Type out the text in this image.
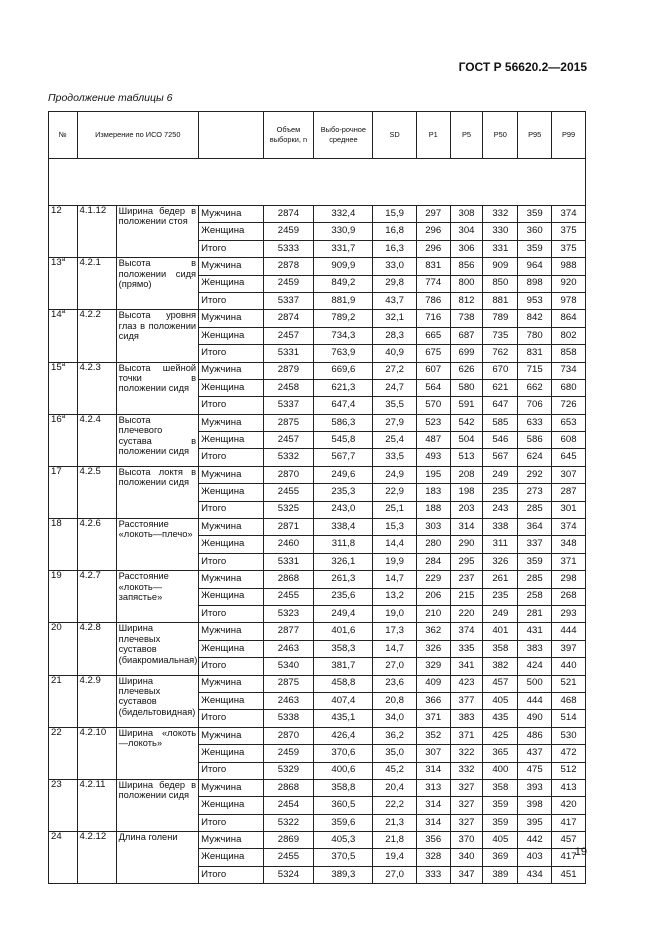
ГОСТ Р 56620.2—2015
Продолжение таблицы 6
№	Измерение по ИСО 7250			Объем выборки, n	Выбо-рочное среднее	SD	P1	P5	P50	P95	P99

12	4.1.12	Ширина бедер в положении стоя	Мужчина	2874	332,4	15,9	297	308	332	359	374
			Женщина	2459	330,9	16,8	296	304	330	360	375
			Итого	5333	331,7	16,3	296	306	331	359	375
$13^а$	4.2.1	Высота в положении сидя (прямо)	Мужчина	2878	909,9	33,0	831	856	909	964	988
			Женщина	2459	849,2	29,8	774	800	850	898	920
			Итого	5337	881,9	43,7	786	812	881	953	978
$14^а$	4.2.2	Высота уровня глаз в положении сидя	Мужчина	2874	789,2	32,1	716	738	789	842	864
			Женщина	2457	734,3	28,3	665	687	735	780	802
			Итого	5331	763,9	40,9	675	699	762	831	858
$15^а$	4.2.3	Высота шейной точки в положении сидя	Мужчина	2879	669,6	27,2	607	626	670	715	734
			Женщина	2458	621,3	24,7	564	580	621	662	680
			Итого	5337	647,4	35,5	570	591	647	706	726
$16^а$	4.2.4	Высота плечевого сустава в положении сидя	Мужчина	2875	586,3	27,9	523	542	585	633	653
			Женщина	2457	545,8	25,4	487	504	546	586	608
			Итого	5332	567,7	33,5	493	513	567	624	645
17	4.2.5	Высота локтя в положении сидя	Мужчина	2870	249,6	24,9	195	208	249	292	307
			Женщина	2455	235,3	22,9	183	198	235	273	287
			Итого	5325	243,0	25,1	188	203	243	285	301
18	4.2.6	Расстояние «локоть—плечо»	Мужчина	2871	338,4	15,3	303	314	338	364	374
			Женщина	2460	311,8	14,4	280	290	311	337	348
			Итого	5331	326,1	19,9	284	295	326	359	371
19	4.2.7	Расстояние «локоть—запястье»	Мужчина	2868	261,3	14,7	229	237	261	285	298
			Женщина	2455	235,6	13,2	206	215	235	258	268
			Итого	5323	249,4	19,0	210	220	249	281	293
20	4.2.8	Ширина плечевых суставов (биакромиальная)	Мужчина	2877	401,6	17,3	362	374	401	431	444
			Женщина	2463	358,3	14,7	326	335	358	383	397
			Итого	5340	381,7	27,0	329	341	382	424	440
21	4.2.9	Ширина плечевых суставов (бидельтовидная)	Мужчина	2875	458,8	23,6	409	423	457	500	521
			Женщина	2463	407,4	20,8	366	377	405	444	468
			Итого	5338	435,1	34,0	371	383	435	490	514
22	4.2.10	Ширина «локоть—локоть»	Мужчина	2870	426,4	36,2	352	371	425	486	530
			Женщина	2459	370,6	35,0	307	322	365	437	472
			Итого	5329	400,6	45,2	314	332	400	475	512
23	4.2.11	Ширина бедер в положении сидя	Мужчина	2868	358,8	20,4	313	327	358	393	413
			Женщина	2454	360,5	22,2	314	327	359	398	420
			Итого	5322	359,6	21,3	314	327	359	395	417
24	4.2.12	Длина голени	Мужчина	2869	405,3	21,8	356	370	405	442	457
			Женщина	2455	370,5	19,4	328	340	369	403	417
			Итого	5324	389,3	27,0	333	347	389	434	451
19
